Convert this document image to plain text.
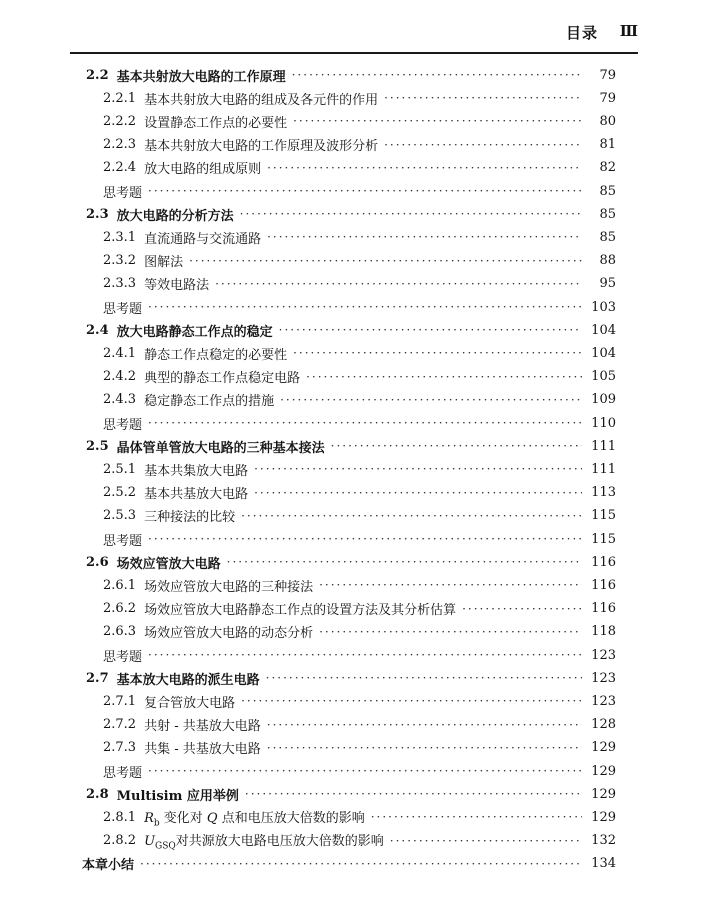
目录 Ⅲ
2.2 基本共射放大电路的工作原理 ·····	79
2.2.1 基本共射放大电路的组成及各元件的作用 ·····	79
2.2.2 设置静态工作点的必要性 ·····	80
2.2.3 基本共射放大电路的工作原理及波形分析 ·····	81
2.2.4 放大电路的组成原则 ·····	82
思考题 ·····	85
2.3 放大电路的分析方法 ·····	85
2.3.1 直流通路与交流通路 ·····	85
2.3.2 图解法 ·····	88
2.3.3 等效电路法 ·····	95
思考题 ·····	103
2.4 放大电路静态工作点的稳定 ·····	104
2.4.1 静态工作点稳定的必要性 ·····	104
2.4.2 典型的静态工作点稳定电路 ·····	105
2.4.3 稳定静态工作点的措施 ·····	109
思考题 ·····	110
2.5 晶体管单管放大电路的三种基本接法 ·····	111
2.5.1 基本共集放大电路 ·····	111
2.5.2 基本共基放大电路 ·····	113
2.5.3 三种接法的比较 ·····	115
思考题 ·····	115
2.6 场效应管放大电路 ·····	116
2.6.1 场效应管放大电路的三种接法 ·····	116
2.6.2 场效应管放大电路静态工作点的设置方法及其分析估算 ·····	116
2.6.3 场效应管放大电路的动态分析 ·····	118
思考题 ·····	123
2.7 基本放大电路的派生电路 ·····	123
2.7.1 复合管放大电路 ·····	123
2.7.2 共射 - 共基放大电路 ·····	128
2.7.3 共集 - 共基放大电路 ·····	129
思考题 ·····	129
2.8 Multisim 应用举例 ·····	129
2.8.1 $R_b$ 变化对 Q 点和电压放大倍数的影响 ·····	129
2.8.2 $U_{GSQ}$对共源放大电路电压放大倍数的影响 ·····	132
本章小结 ·····	134
